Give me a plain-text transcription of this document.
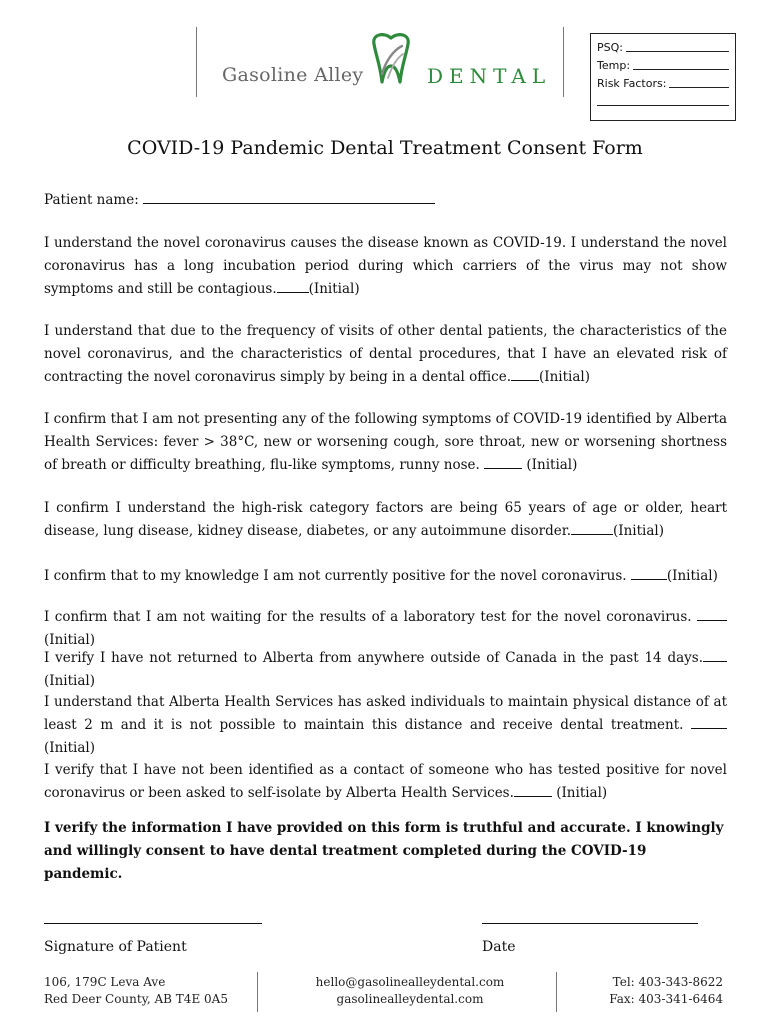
Gasoline Alley	DENTAL
PSQ:
Temp:
Risk Factors:
COVID-19 Pandemic Dental Treatment Consent Form
Patient name:

I understand the novel coronavirus causes the disease known as COVID-19. I understand the novel coronavirus has a long incubation period during which carriers of the virus may not show symptoms and still be contagious. (Initial)

I understand that due to the frequency of visits of other dental patients, the characteristics of the novel coronavirus, and the characteristics of dental procedures, that I have an elevated risk of contracting the novel coronavirus simply by being in a dental office. (Initial)

I confirm that I am not presenting any of the following symptoms of COVID-19 identified by Alberta Health Services: fever > 38°C, new or worsening cough, sore throat, new or worsening shortness of breath or difficulty breathing, flu-like symptoms, runny nose.	(Initial)

I confirm I understand the high-risk category factors are being 65 years of age or older, heart disease, lung disease, kidney disease, diabetes, or any autoimmune disorder.	(Initial)

I confirm that to my knowledge I am not currently positive for the novel coronavirus.	(Initial)

I confirm that I am not waiting for the results of a laboratory test for the novel coronavirus. (Initial)

I verify I have not returned to Alberta from anywhere outside of Canada in the past 14 days.(Initial)

I understand that Alberta Health Services has asked individuals to maintain physical distance of at least 2 m and it is not possible to maintain this distance and receive dental treatment.  (Initial)

I verify that I have not been identified as a contact of someone who has tested positive for novel coronavirus or been asked to self-isolate by Alberta Health Services.	(Initial)

I verify the information I have provided on this form is truthful and accurate. I knowingly and willingly consent to have dental treatment completed during the COVID-19 pandemic.

Signature of Patient	Date
106, 179C Leva Ave
Red Deer County, AB T4E 0A5
hello@gasolinealleydental.com
gasolinealleydental.com
Tel: 403-343-8622
Fax: 403-341-6464
